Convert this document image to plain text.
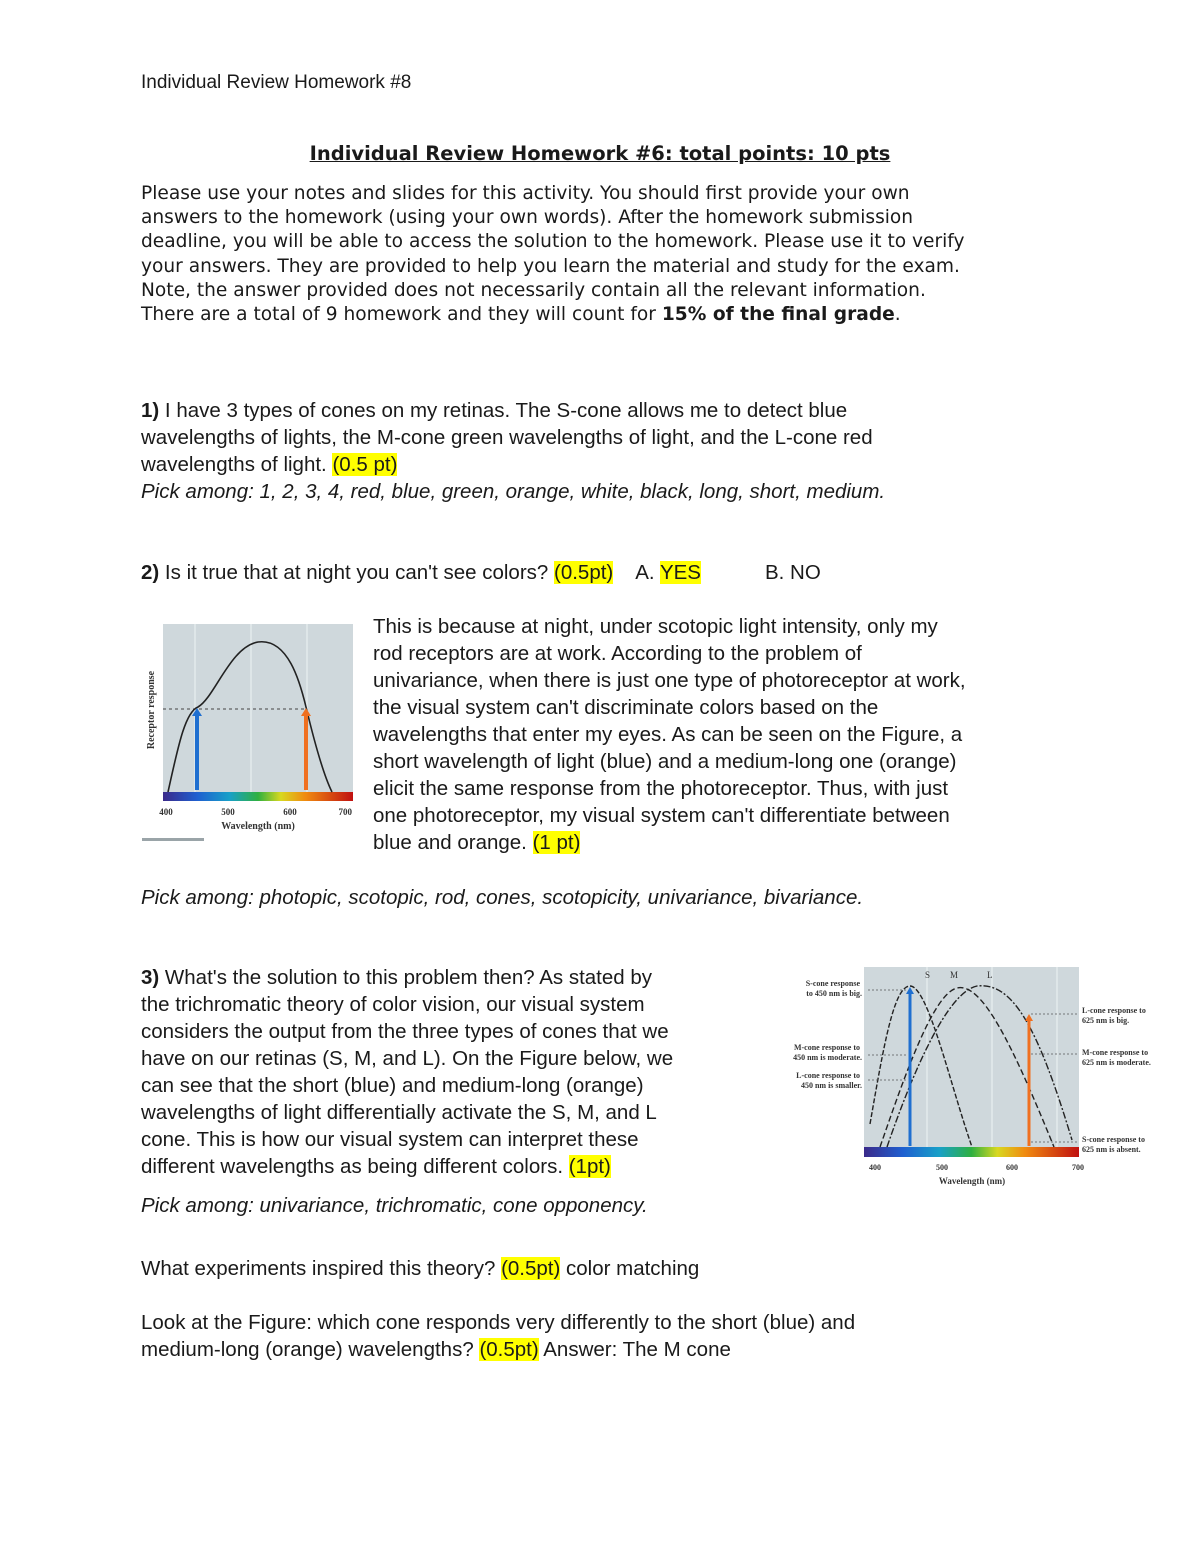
Individual Review Homework #8
Individual Review Homework #6: total points: 10 pts

Please use your notes and slides for this activity. You should first provide your own

answers to the homework (using your own words). After the homework submission

deadline, you will be able to access the solution to the homework. Please use it to verify

your answers. They are provided to help you learn the material and study for the exam.

Note, the answer provided does not necessarily contain all the relevant information.

There are a total of 9 homework and they will count for 15% of the final grade.

1) I have 3 types of cones on my retinas. The S-cone allows me to detect blue

wavelengths of lights, the M-cone green wavelengths of light, and the L-cone red

wavelengths of light. (0.5 pt)

Pick among: 1, 2, 3, 4, red, blue, green, orange, white, black, long, short, medium.

2) Is it true that at night you can't see colors? (0.5pt) A. YES	B. NO

Receptor response
400	500	600	700
Wavelength (nm)

This is because at night, under scotopic light intensity, only my

rod receptors are at work. According to the problem of

univariance, when there is just one type of photoreceptor at work,

the visual system can't discriminate colors based on the

wavelengths that enter my eyes. As can be seen on the Figure, a

short wavelength of light (blue) and a medium-long one (orange)

elicit the same response from the photoreceptor. Thus, with just

one photoreceptor, my visual system can't differentiate between

blue and orange. (1 pt)

Pick among: photopic, scotopic, rod, cones, scotopicity, univariance, bivariance.

3) What's the solution to this problem then? As stated by

the trichromatic theory of color vision, our visual system

considers the output from the three types of cones that we

have on our retinas (S, M, and L). On the Figure below, we

can see that the short (blue) and medium-long (orange)

wavelengths of light differentially activate the S, M, and L

cone. This is how our visual system can interpret these

different wavelengths as being different colors. (1pt)

Pick among: univariance, trichromatic, cone opponency.
S M	L
S-cone response to 450 nm is big.
M-cone response to 450 nm is moderate.
L-cone response to 450 nm is smaller.
L-cone response to 625 nm is big.
M-cone response to 625 nm is moderate.
S-cone response to 625 nm is absent.
400	500	600	700
Wavelength (nm)

What experiments inspired this theory? (0.5pt) color matching

Look at the Figure: which cone responds very differently to the short (blue) and

medium-long (orange) wavelengths? (0.5pt) Answer: The M cone
